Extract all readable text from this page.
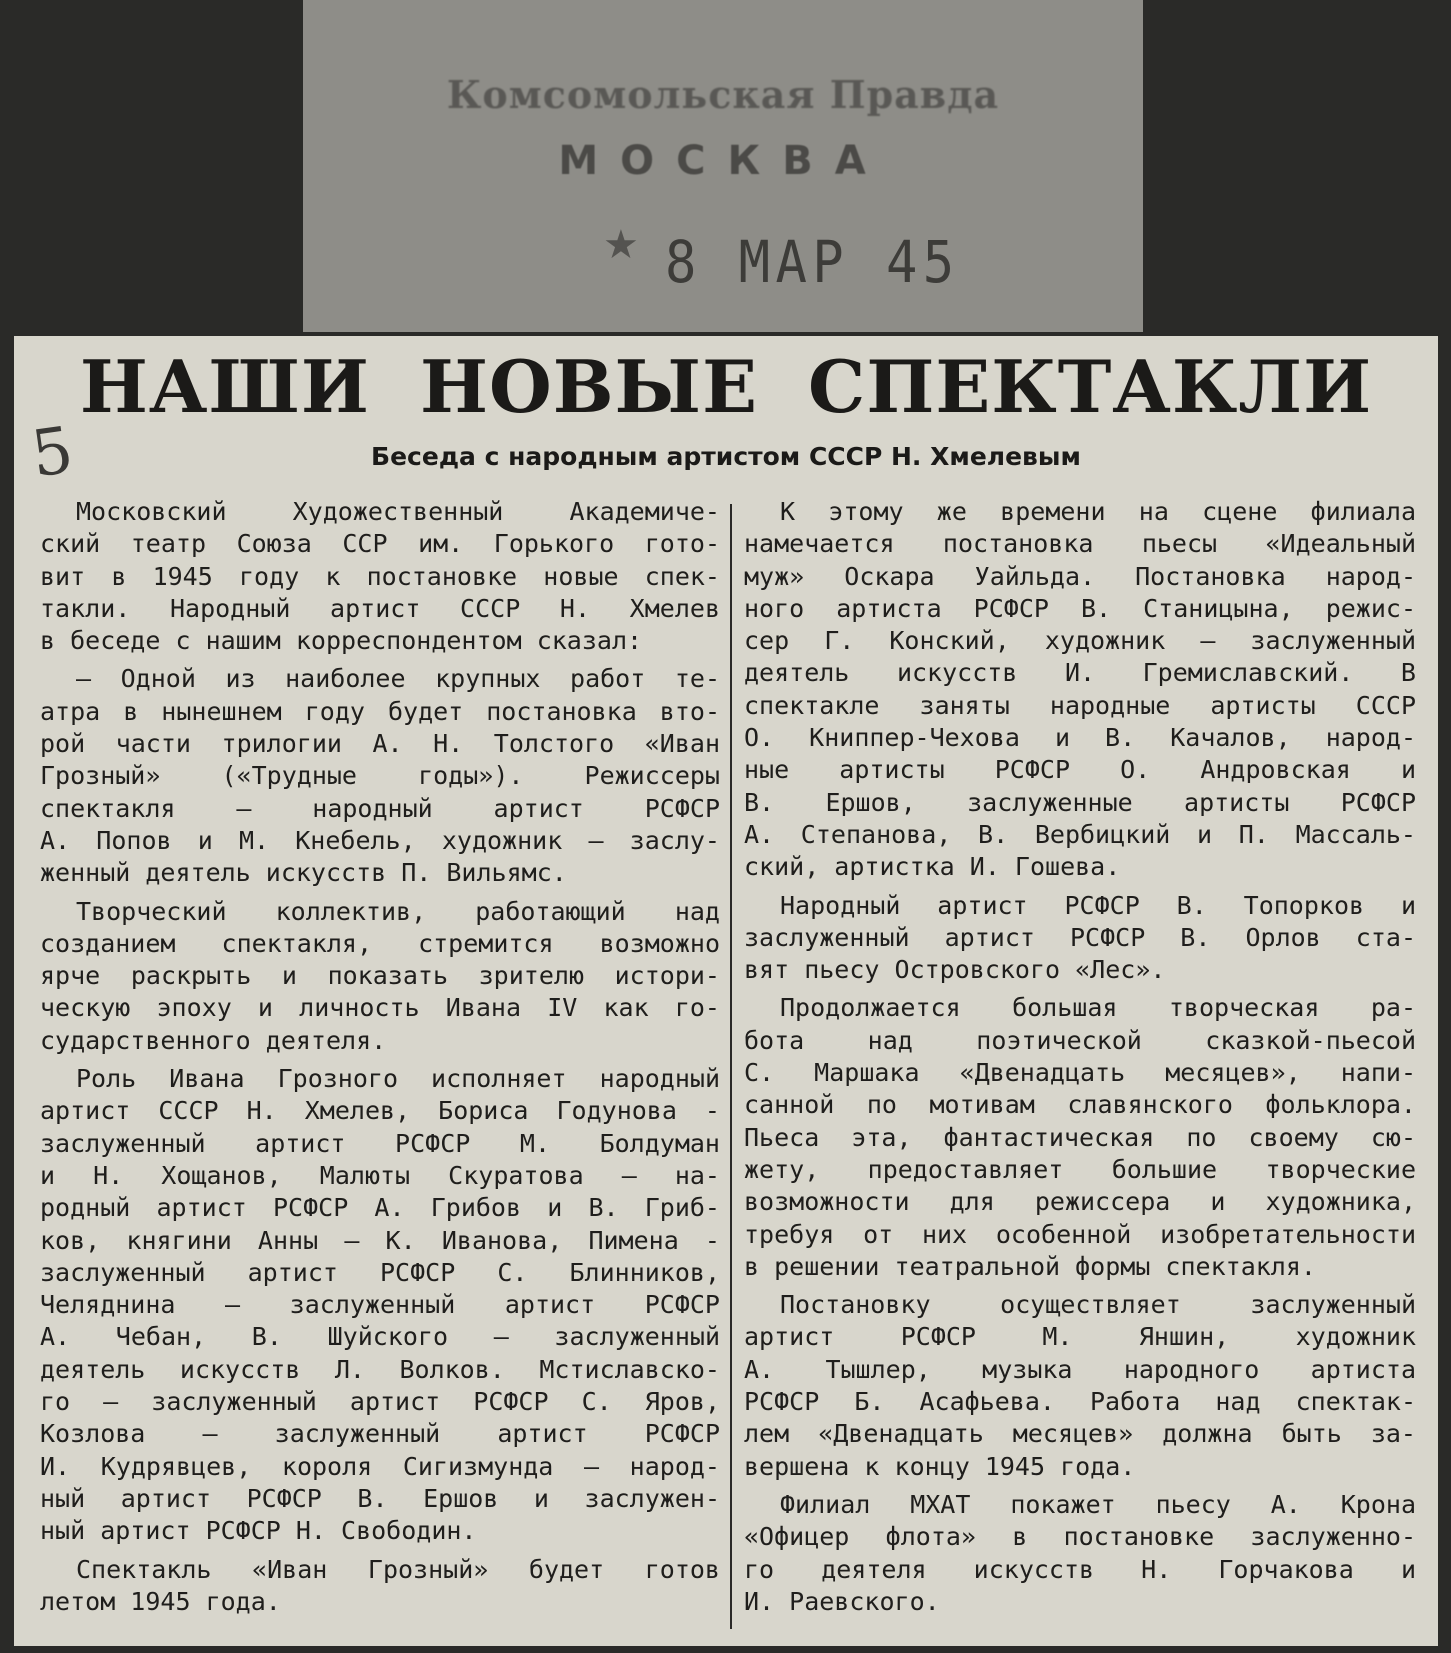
Комсомольская Правда
МОСКВА
★ 8 МАР 45
5
НАШИ НОВЫЕ СПЕКТАКЛИ
Беседа с народным артистом СССР Н. Хмелевым
Московский Художественный Академиче-
ский театр Союза ССР им. Горького гото-
вит в 1945 году к постановке новые спек-
такли. Народный артист СССР Н. Хмелев
в беседе с нашим корреспондентом сказал:
— Одной из наиболее крупных работ те-
атра в нынешнем году будет постановка вто-
рой части трилогии А. Н. Толстого «Иван
Грозный» («Трудные годы»). Режиссеры
спектакля — народный артист РСФСР
А. Попов и М. Кнебель, художник — заслу-
женный деятель искусств П. Вильямс.
Творческий коллектив, работающий над
созданием спектакля, стремится возможно
ярче раскрыть и показать зрителю истори-
ческую эпоху и личность Ивана IV как го-
сударственного деятеля.
Роль Ивана Грозного исполняет народный
артист СССР Н. Хмелев, Бориса Годунова -
заслуженный артист РСФСР М. Болдуман
и Н. Хощанов, Малюты Скуратова — на-
родный артист РСФСР А. Грибов и В. Гриб-
ков, княгини Анны — К. Иванова, Пимена -
заслуженный артист РСФСР С. Блинников,
Челяднина — заслуженный артист РСФСР
А. Чебан, В. Шуйского — заслуженный
деятель искусств Л. Волков. Мстиславско-
го — заслуженный артист РСФСР С. Яров,
Козлова — заслуженный артист РСФСР
И. Кудрявцев, короля Сигизмунда — народ-
ный артист РСФСР В. Ершов и заслужен-
ный артист РСФСР Н. Свободин.
Спектакль «Иван Грозный» будет готов
летом 1945 года.
К этому же времени на сцене филиала
намечается постановка пьесы «Идеальный
муж» Оскара Уайльда. Постановка народ-
ного артиста РСФСР В. Станицына, режис-
сер Г. Конский, художник — заслуженный
деятель искусств И. Гремиславский. В
спектакле заняты народные артисты СССР
О. Книппер-Чехова и В. Качалов, народ-
ные артисты РСФСР О. Андровская и
В. Ершов, заслуженные артисты РСФСР
А. Степанова, В. Вербицкий и П. Массаль-
ский, артистка И. Гошева.
Народный артист РСФСР В. Топорков и
заслуженный артист РСФСР В. Орлов ста-
вят пьесу Островского «Лес».
Продолжается большая творческая ра-
бота над поэтической сказкой-пьесой
С. Маршака «Двенадцать месяцев», напи-
санной по мотивам славянского фольклора.
Пьеса эта, фантастическая по своему сю-
жету, предоставляет большие творческие
возможности для режиссера и художника,
требуя от них особенной изобретательности
в решении театральной формы спектакля.
Постановку осуществляет заслуженный
артист РСФСР М. Яншин, художник
А. Тышлер, музыка народного артиста
РСФСР Б. Асафьева. Работа над спектак-
лем «Двенадцать месяцев» должна быть за-
вершена к концу 1945 года.
Филиал МХАТ покажет пьесу А. Крона
«Офицер флота» в постановке заслуженно-
го деятеля искусств Н. Горчакова и
И. Раевского.
